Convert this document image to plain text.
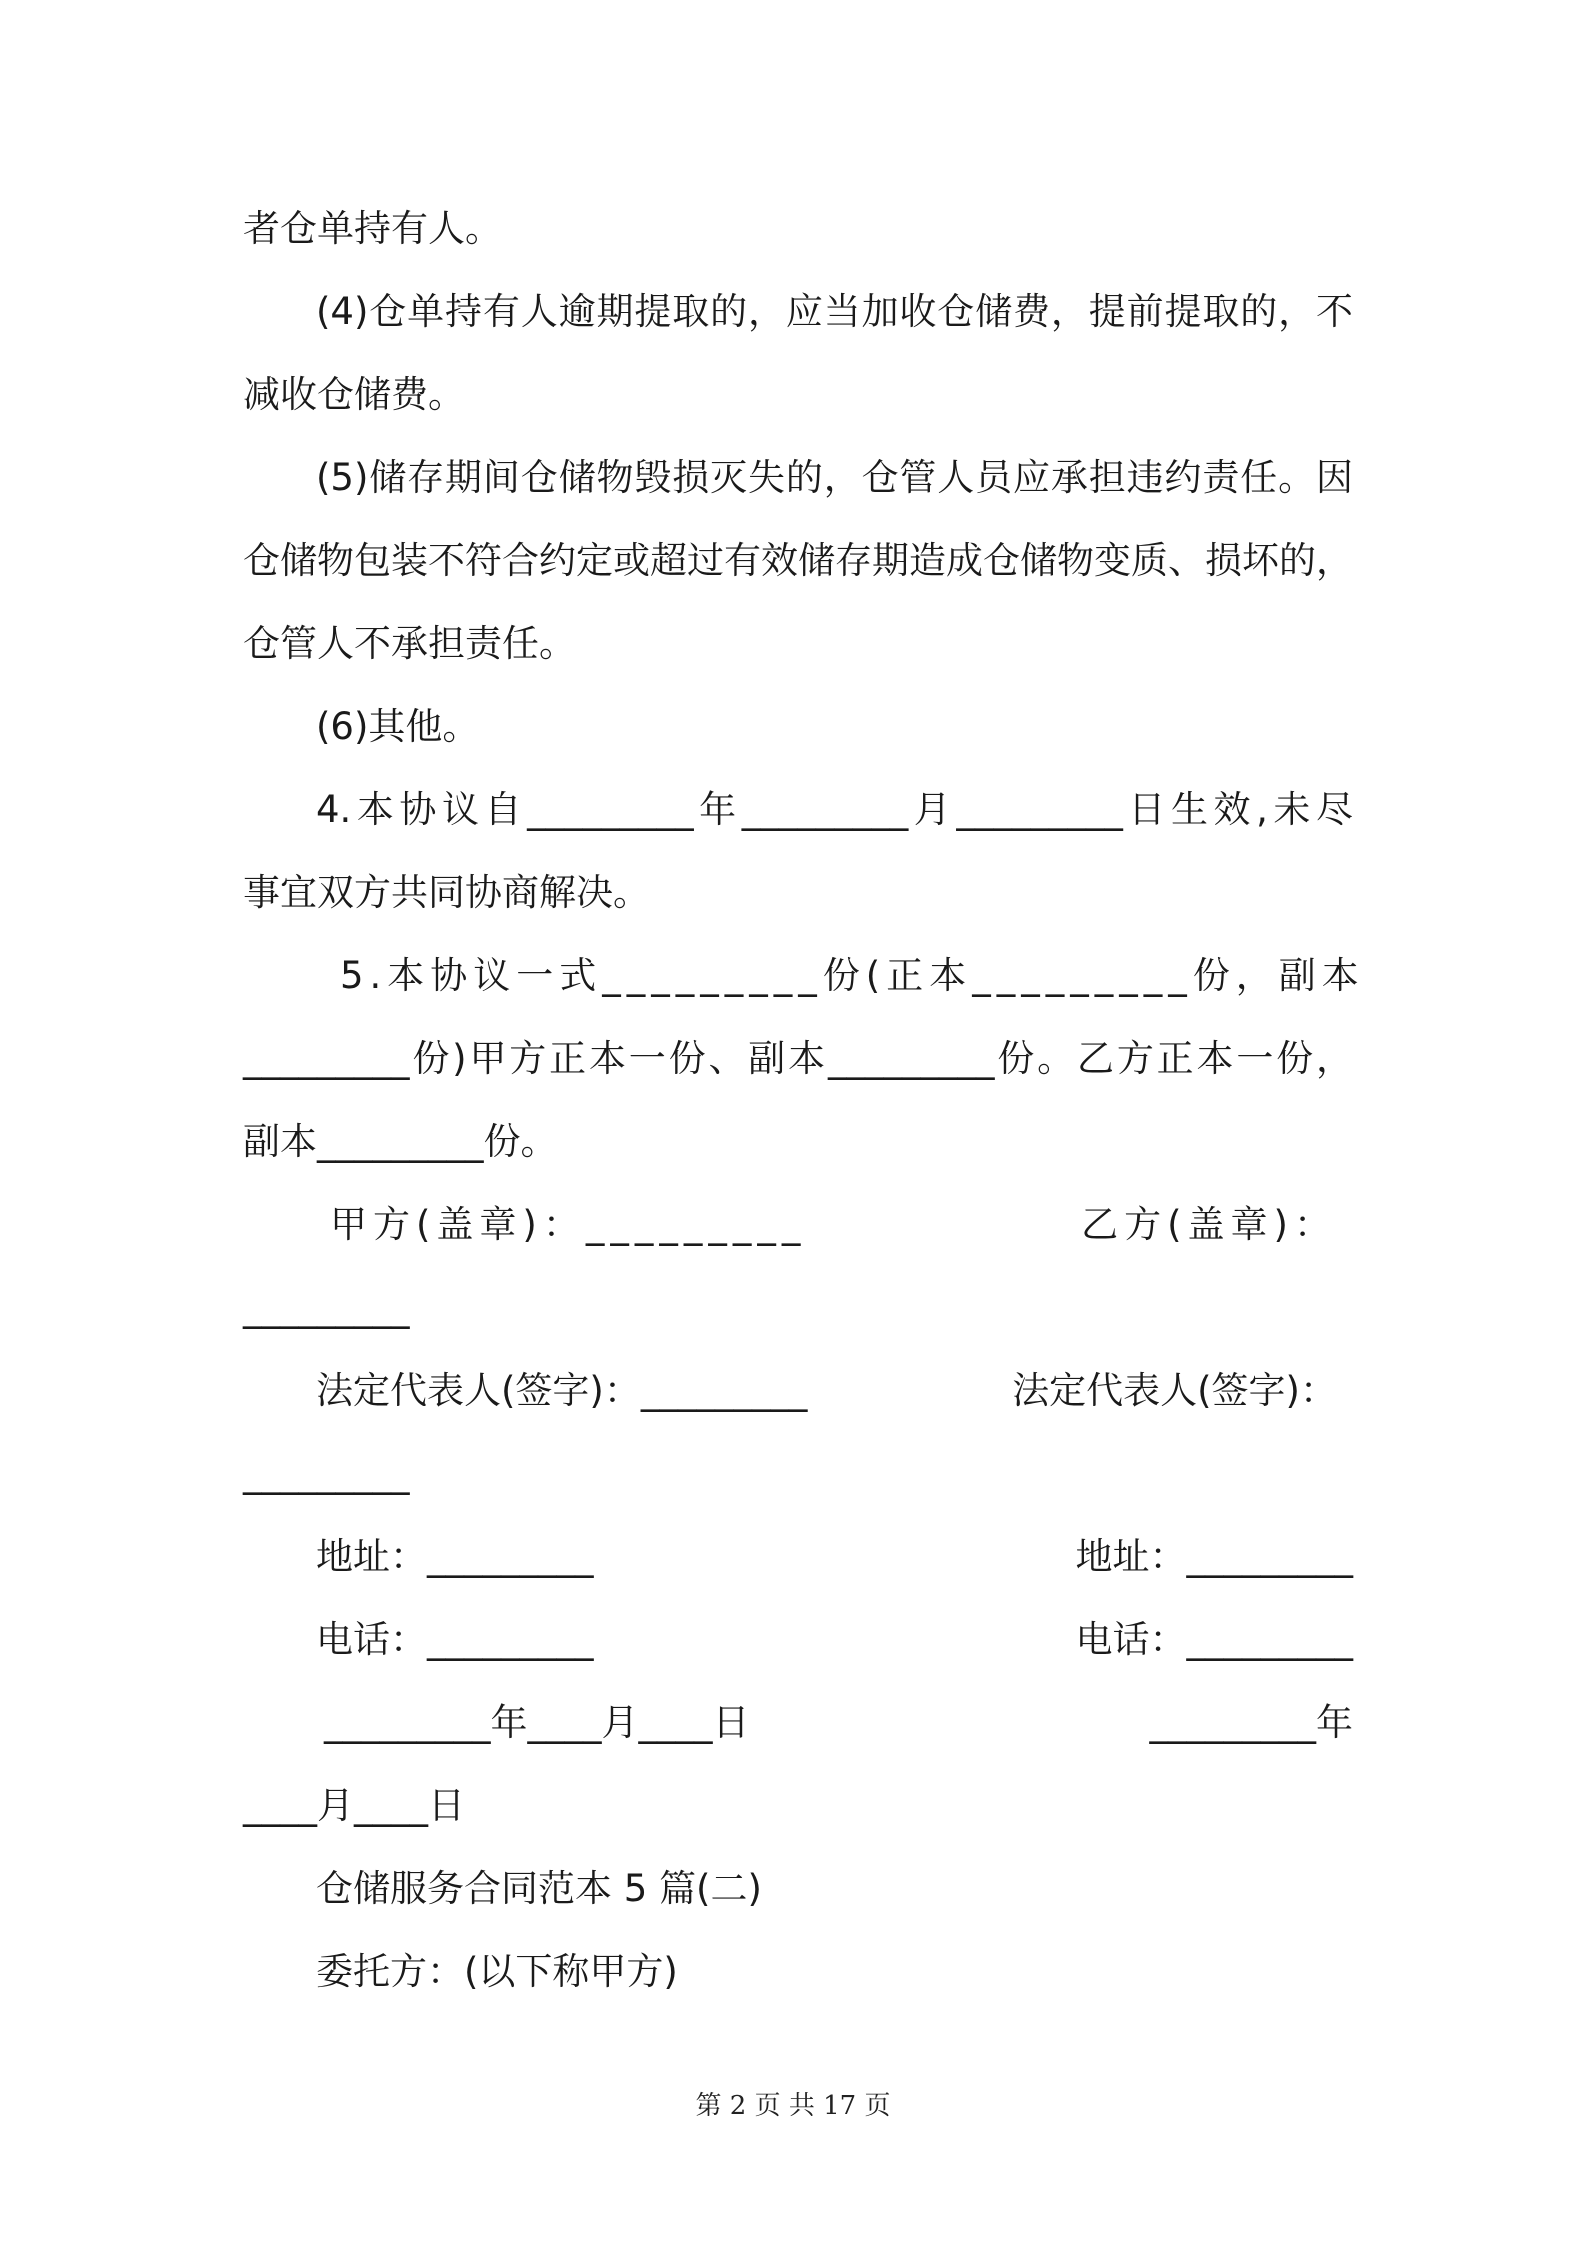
者仓单持有人。
(4)仓单持有人逾期提取的，应当加收仓储费，提前提取的，不
减收仓储费。
(5)储存期间仓储物毁损灭失的，仓管人员应承担违约责任。因
仓储物包装不符合约定或超过有效储存期造成仓储物变质、损坏的，
仓管人不承担责任。
(6)其他。
4.本协议自_________年_________月_________日生效,未尽
事宜双方共同协商解决。
5.本协议一式_________份(正本_________份，副本
_________份)甲方正本一份、副本_________份。乙方正本一份，
副本_________份。
甲方(盖章)：_________	乙方(盖章)：
_________
法定代表人(签字)：_________	法定代表人(签字)：
_________
地址：_________	地址：_________
电话：_________	电话：_________
_________年____月____日	_________年
____月____日
仓储服务合同范本 5 篇(二)
委托方：(以下称甲方)
第 2 页 共 17 页
